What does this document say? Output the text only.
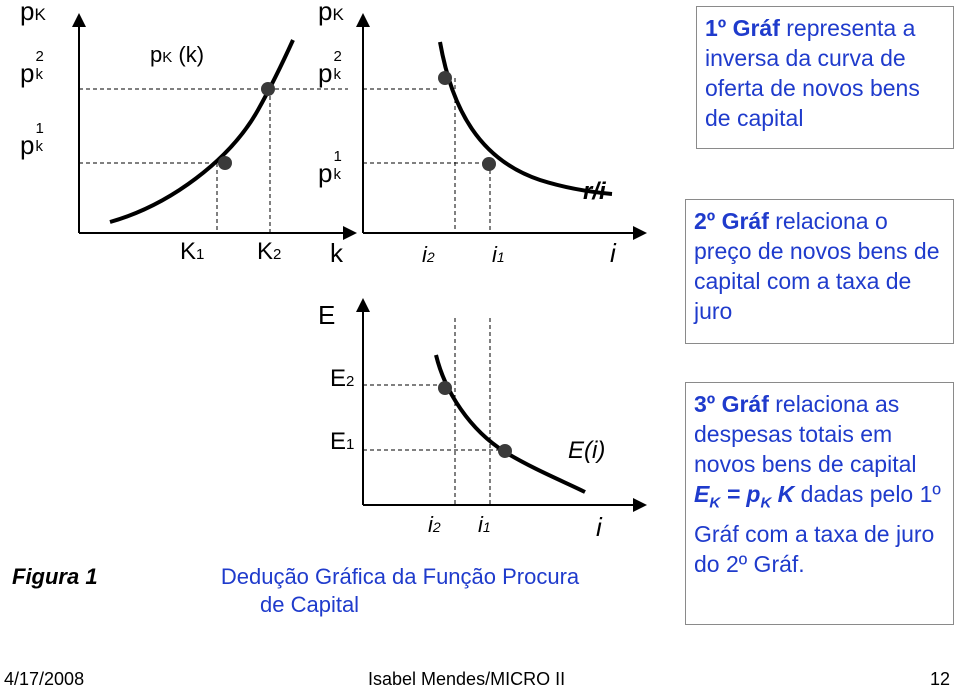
pK
p
2
k
p
1
k
pK (k)
K1 K2 k
pK
p
2
k
p
1
k
r/i
i2	i1	i
E
E2
E1	E(i)
i2 i1	i
Figura 1	Dedução Gráfica da Função Procura
de Capital
1º Gráf representa a inversa da curva de oferta de novos bens de capital
2º Gráf relaciona o preço de novos bens de capital com a taxa de juro
3º Gráf relaciona as despesas totais em novos bens de capital $E_K = p_K$ K dadas pelo 1º Gráf com a taxa de juro do 2º Gráf.
4/17/2008	Isabel Mendes/MICRO II	12
